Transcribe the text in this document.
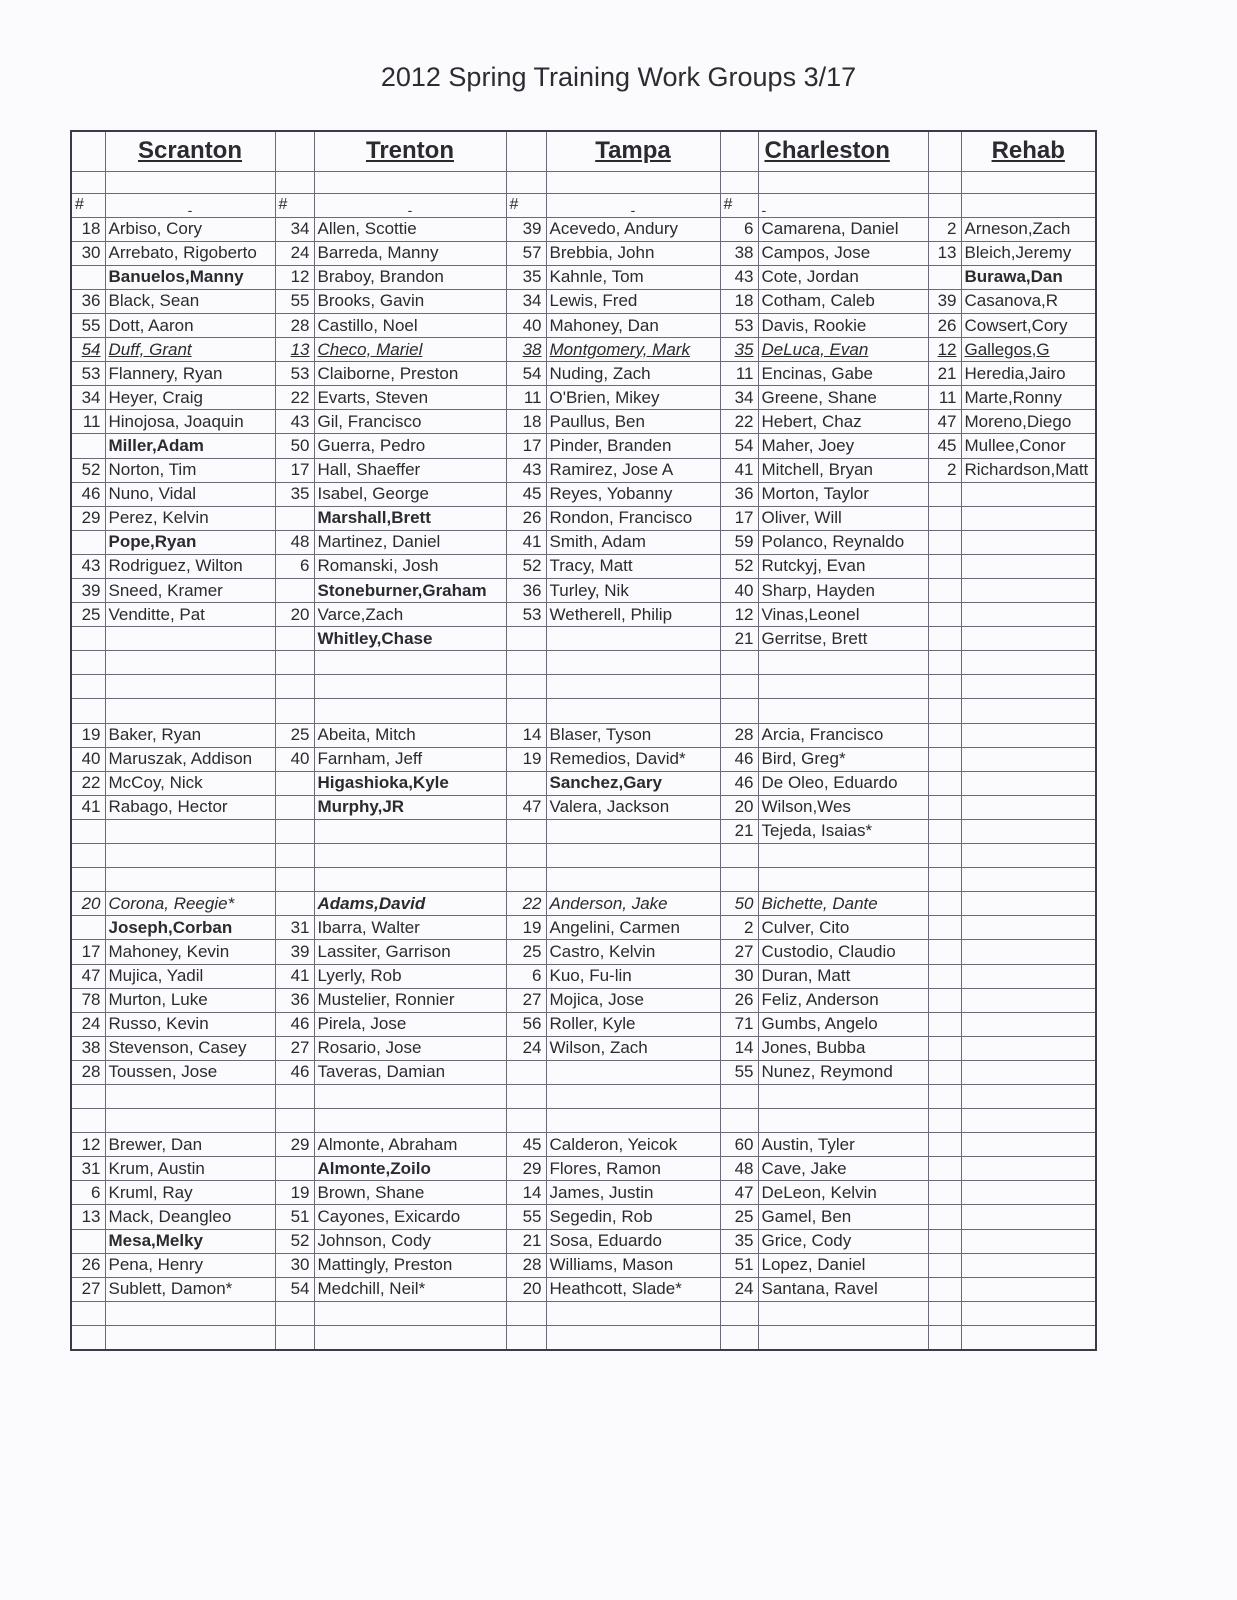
2012 Spring Training Work Groups 3/17
	Scranton		Trenton		Tampa		Charleston		Rehab

#	-	#	-	#	-	#	-		
18	Arbiso, Cory	34	Allen, Scottie	39	Acevedo, Andury	6	Camarena, Daniel	2	Arneson,Zach
30	Arrebato, Rigoberto	24	Barreda, Manny	57	Brebbia, John	38	Campos, Jose	13	Bleich,Jeremy
	Banuelos,Manny	12	Braboy, Brandon	35	Kahnle, Tom	43	Cote, Jordan		Burawa,Dan
36	Black, Sean	55	Brooks, Gavin	34	Lewis, Fred	18	Cotham, Caleb	39	Casanova,R
55	Dott, Aaron	28	Castillo, Noel	40	Mahoney, Dan	53	Davis, Rookie	26	Cowsert,Cory
54	Duff, Grant	13	Checo, Mariel	38	Montgomery, Mark	35	DeLuca, Evan	12	Gallegos,G
53	Flannery, Ryan	53	Claiborne, Preston	54	Nuding, Zach	11	Encinas, Gabe	21	Heredia,Jairo
34	Heyer, Craig	22	Evarts, Steven	11	O'Brien, Mikey	34	Greene, Shane	11	Marte,Ronny
11	Hinojosa, Joaquin	43	Gil, Francisco	18	Paullus, Ben	22	Hebert, Chaz	47	Moreno,Diego
	Miller,Adam	50	Guerra, Pedro	17	Pinder, Branden	54	Maher, Joey	45	Mullee,Conor
52	Norton, Tim	17	Hall, Shaeffer	43	Ramirez, Jose A	41	Mitchell, Bryan	2	Richardson,Matt
46	Nuno, Vidal	35	Isabel, George	45	Reyes, Yobanny	36	Morton, Taylor		
29	Perez, Kelvin		Marshall,Brett	26	Rondon, Francisco	17	Oliver, Will		
	Pope,Ryan	48	Martinez, Daniel	41	Smith, Adam	59	Polanco, Reynaldo		
43	Rodriguez, Wilton	6	Romanski, Josh	52	Tracy, Matt	52	Rutckyj, Evan		
39	Sneed, Kramer		Stoneburner,Graham	36	Turley, Nik	40	Sharp, Hayden		
25	Venditte, Pat	20	Varce,Zach	53	Wetherell, Philip	12	Vinas,Leonel		
			Whitley,Chase			21	Gerritse, Brett		

19	Baker, Ryan	25	Abeita, Mitch	14	Blaser, Tyson	28	Arcia, Francisco		
40	Maruszak, Addison	40	Farnham, Jeff	19	Remedios, David*	46	Bird, Greg*		
22	McCoy, Nick		Higashioka,Kyle		Sanchez,Gary	46	De Oleo, Eduardo		
41	Rabago, Hector		Murphy,JR	47	Valera, Jackson	20	Wilson,Wes		
						21	Tejeda, Isaias*		

20	Corona, Reegie*		Adams,David	22	Anderson, Jake	50	Bichette, Dante		
	Joseph,Corban	31	Ibarra, Walter	19	Angelini, Carmen	2	Culver, Cito		
17	Mahoney, Kevin	39	Lassiter, Garrison	25	Castro, Kelvin	27	Custodio, Claudio		
47	Mujica, Yadil	41	Lyerly, Rob	6	Kuo, Fu-lin	30	Duran, Matt		
78	Murton, Luke	36	Mustelier, Ronnier	27	Mojica, Jose	26	Feliz, Anderson		
24	Russo, Kevin	46	Pirela, Jose	56	Roller, Kyle	71	Gumbs, Angelo		
38	Stevenson, Casey	27	Rosario, Jose	24	Wilson, Zach	14	Jones, Bubba		
28	Toussen, Jose	46	Taveras, Damian			55	Nunez, Reymond		

12	Brewer, Dan	29	Almonte, Abraham	45	Calderon, Yeicok	60	Austin, Tyler		
31	Krum, Austin		Almonte,Zoilo	29	Flores, Ramon	48	Cave, Jake		
6	Kruml, Ray	19	Brown, Shane	14	James, Justin	47	DeLeon, Kelvin		
13	Mack, Deangleo	51	Cayones, Exicardo	55	Segedin, Rob	25	Gamel, Ben		
	Mesa,Melky	52	Johnson, Cody	21	Sosa, Eduardo	35	Grice, Cody		
26	Pena, Henry	30	Mattingly, Preston	28	Williams, Mason	51	Lopez, Daniel		
27	Sublett, Damon*	54	Medchill, Neil*	20	Heathcott, Slade*	24	Santana, Ravel		
